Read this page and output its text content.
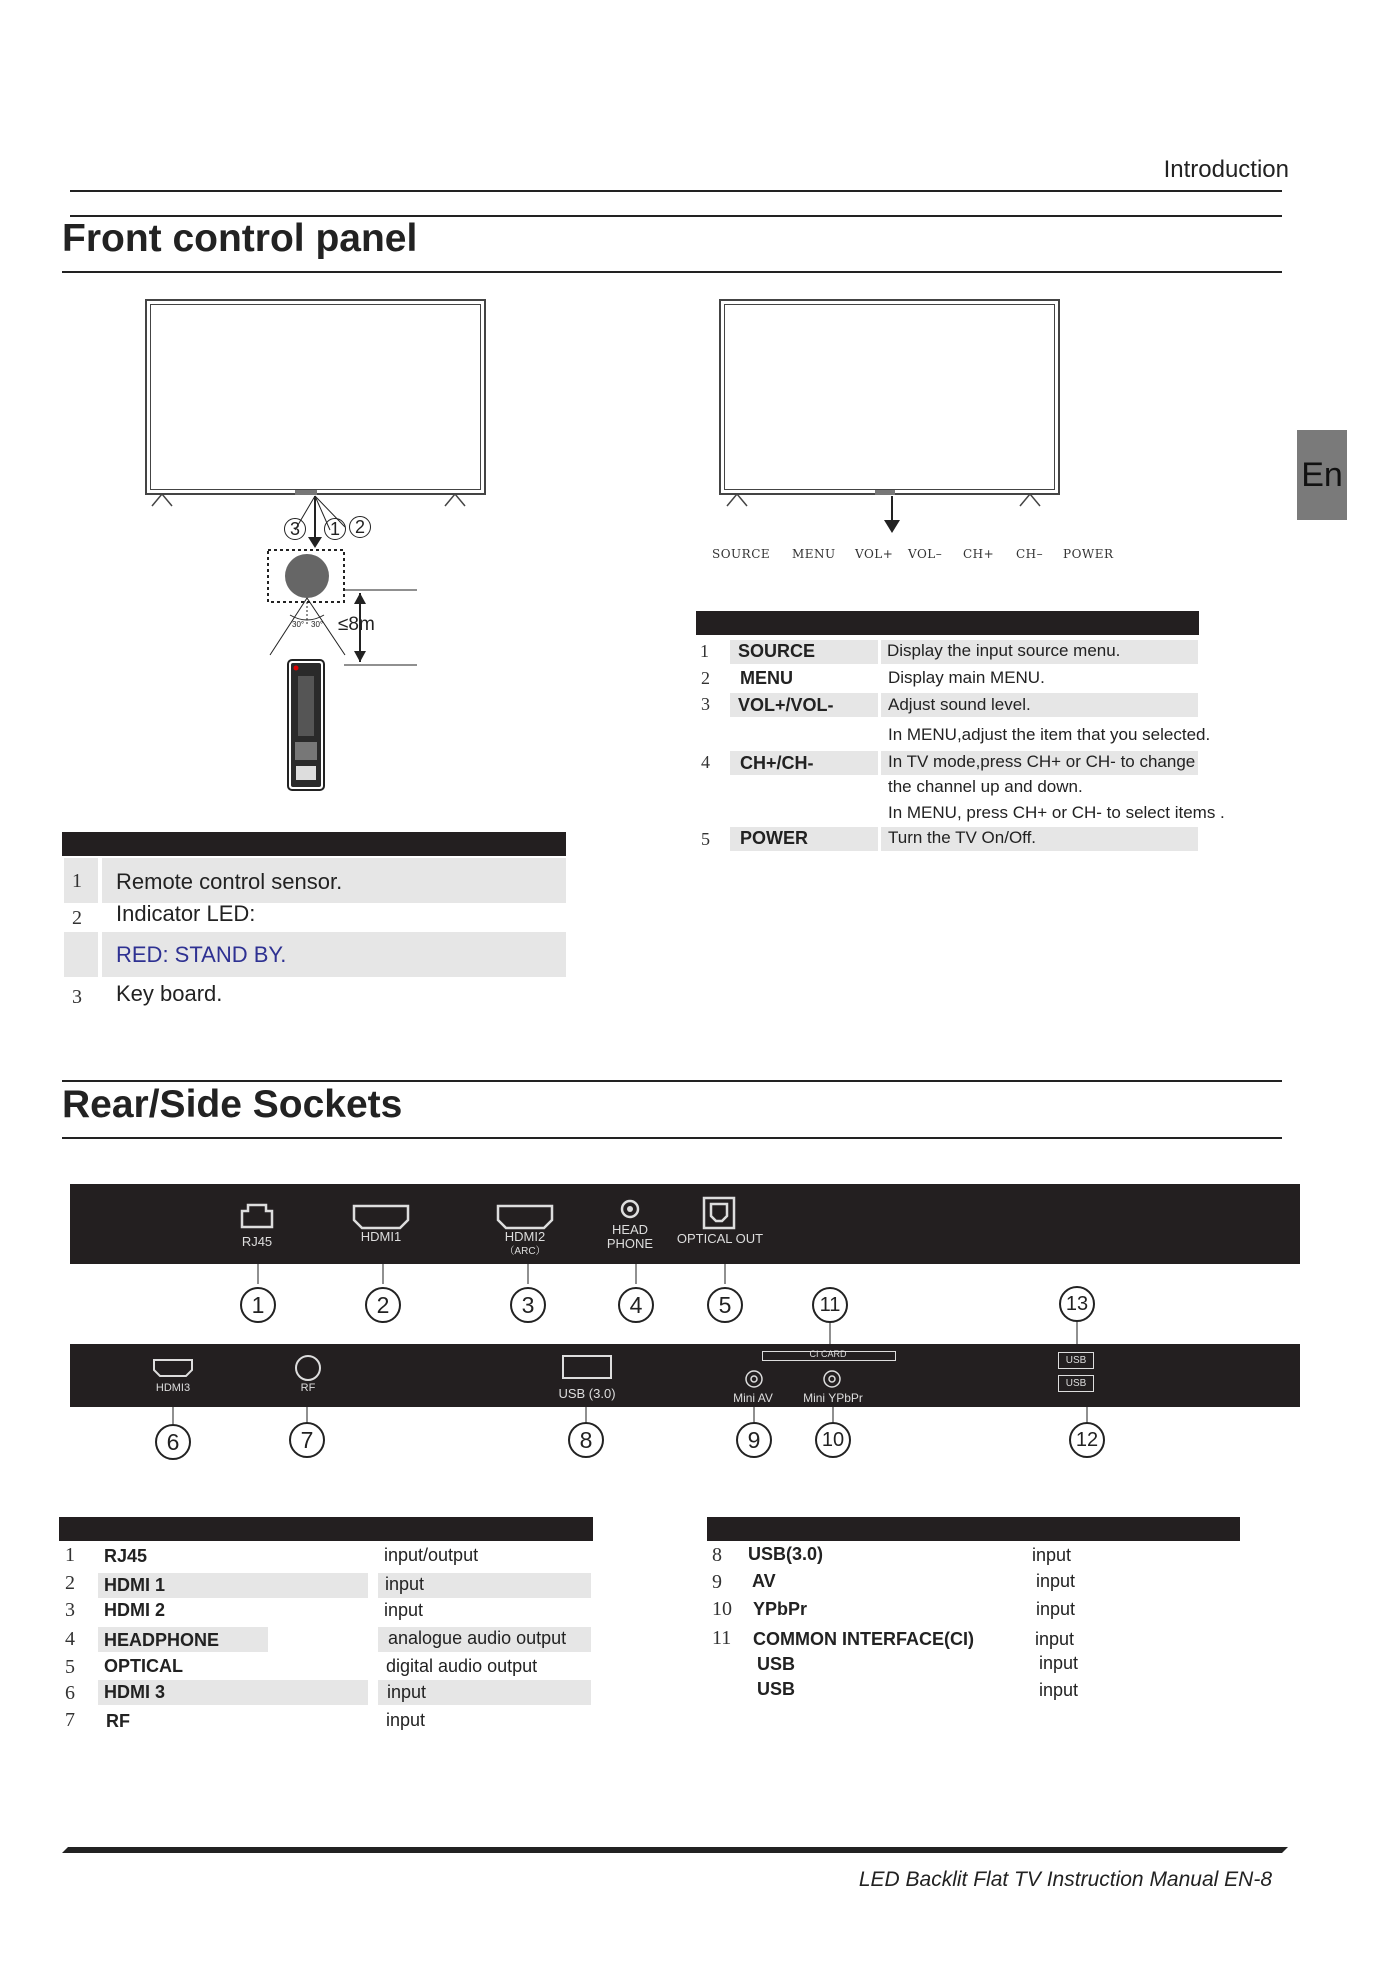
Introduction
En
Front control panel
3	1 2
≤8m
30° 30°
SOURCE MENU VOL+ VOL– CH+ CH– POWER
1 SOURCE	Display the input source menu.
2 MENU	Display main MENU.
3 VOL+/VOL-	Adjust sound level.
In MENU,adjust the item that you selected.
4 CH+/CH-	In TV mode,press CH+ or CH- to change
the channel up and down.
In MENU, press CH+ or CH- to select items .
5 POWER	Turn the TV On/Off.
1 Remote control sensor.
2 Indicator LED:
RED: STAND BY.
3 Key board.
Rear/Side Sockets
RJ45	HDMI1	HDMI2
（ARC）
HEAD
PHONE	OPTICAL OUT
1	2	3	4	5	11	13
HDMI3	RF	USB (3.0)
CI CARD
Mini AV	Mini YPbPr
USB
USB
6	7	8	9	10	12
1 RJ45	input/output
2 HDMI 1	input
3 HDMI 2	input
4 HEADPHONE	analogue audio output
5 OPTICAL	digital audio output
6 HDMI 3	input
7 RF	input
8 USB(3.0)	input
9 AV	input
10 YPbPr	input
11 COMMON INTERFACE(CI)	input
USB	input
USB	input
LED Backlit Flat TV Instruction Manual EN-8
